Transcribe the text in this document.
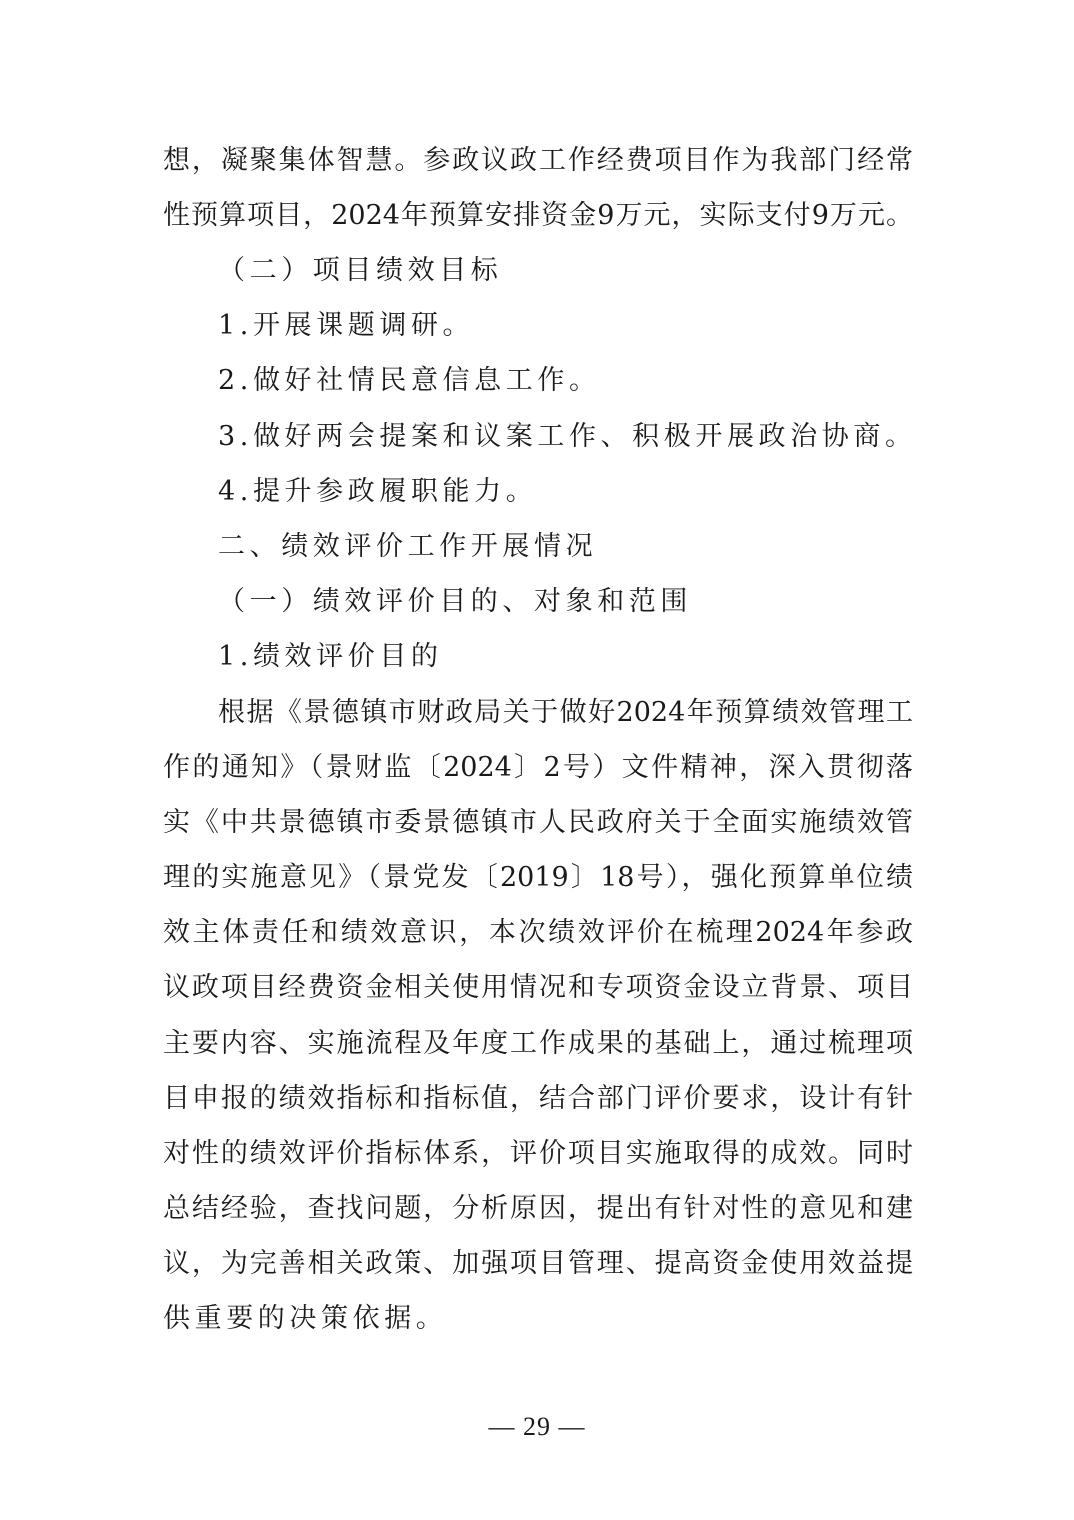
想，凝聚集体智慧。参政议政工作经费项目作为我部门经常
性预算项目，2024年预算安排资金9万元，实际支付9万元。
（二）项目绩效目标
1.开展课题调研。
2.做好社情民意信息工作。
3.做好两会提案和议案工作、积极开展政治协商。
4.提升参政履职能力。
二、绩效评价工作开展情况
（一）绩效评价目的、对象和范围
1.绩效评价目的
根据《景德镇市财政局关于做好2024年预算绩效管理工
作的通知》（景财监〔2024〕2号）文件精神，深入贯彻落
实《中共景德镇市委景德镇市人民政府关于全面实施绩效管
理的实施意见》（景党发〔2019〕18号），强化预算单位绩
效主体责任和绩效意识，本次绩效评价在梳理2024年参政
议政项目经费资金相关使用情况和专项资金设立背景、项目
主要内容、实施流程及年度工作成果的基础上，通过梳理项
目申报的绩效指标和指标值，结合部门评价要求，设计有针
对性的绩效评价指标体系，评价项目实施取得的成效。同时
总结经验，查找问题，分析原因，提出有针对性的意见和建
议，为完善相关政策、加强项目管理、提高资金使用效益提
供重要的决策依据。
— 29 —
